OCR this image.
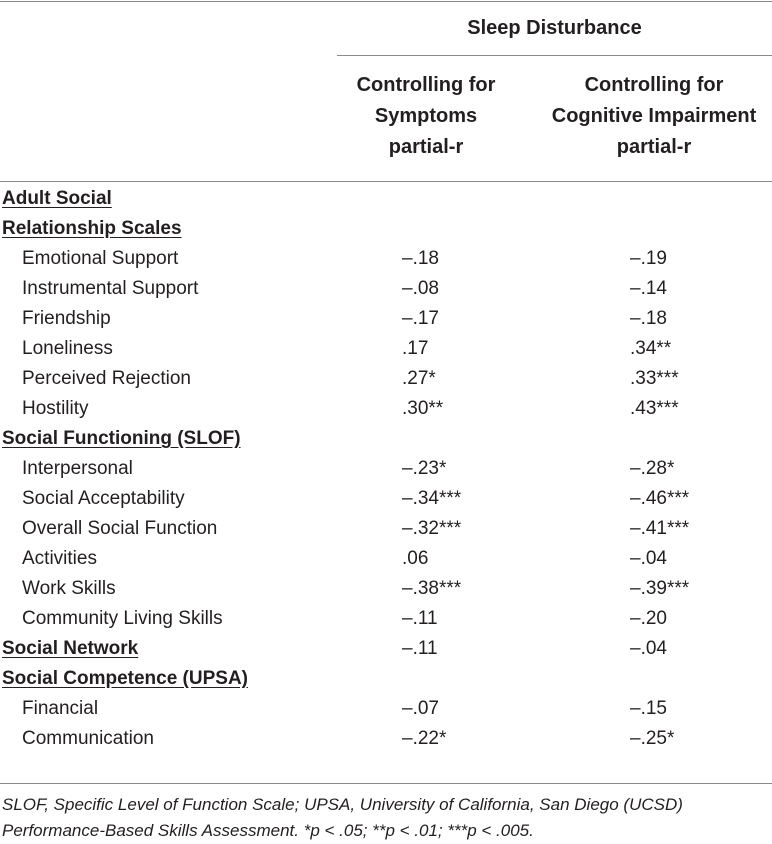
Sleep Disturbance
Controlling for
Symptoms
partial-r
Controlling for
Cognitive Impairment
partial-r
Adult Social
Relationship Scales
Emotional Support	–.18	–.19
Instrumental Support	–.08	–.14
Friendship	–.17	–.18
Loneliness	.17	.34**
Perceived Rejection	.27*	.33***
Hostility	.30**	.43***
Social Functioning (SLOF)
Interpersonal	–.23*	–.28*
Social Acceptability	–.34***	–.46***
Overall Social Function	–.32***	–.41***
Activities	.06	–.04
Work Skills	–.38***	–.39***
Community Living Skills	–.11	–.20
Social Network	–.11	–.04
Social Competence (UPSA)
Financial	–.07	–.15
Communication	–.22*	–.25*
SLOF, Specific Level of Function Scale; UPSA, University of California, San Diego (UCSD)
Performance-Based Skills Assessment. *p < .05; **p < .01; ***p < .005.
